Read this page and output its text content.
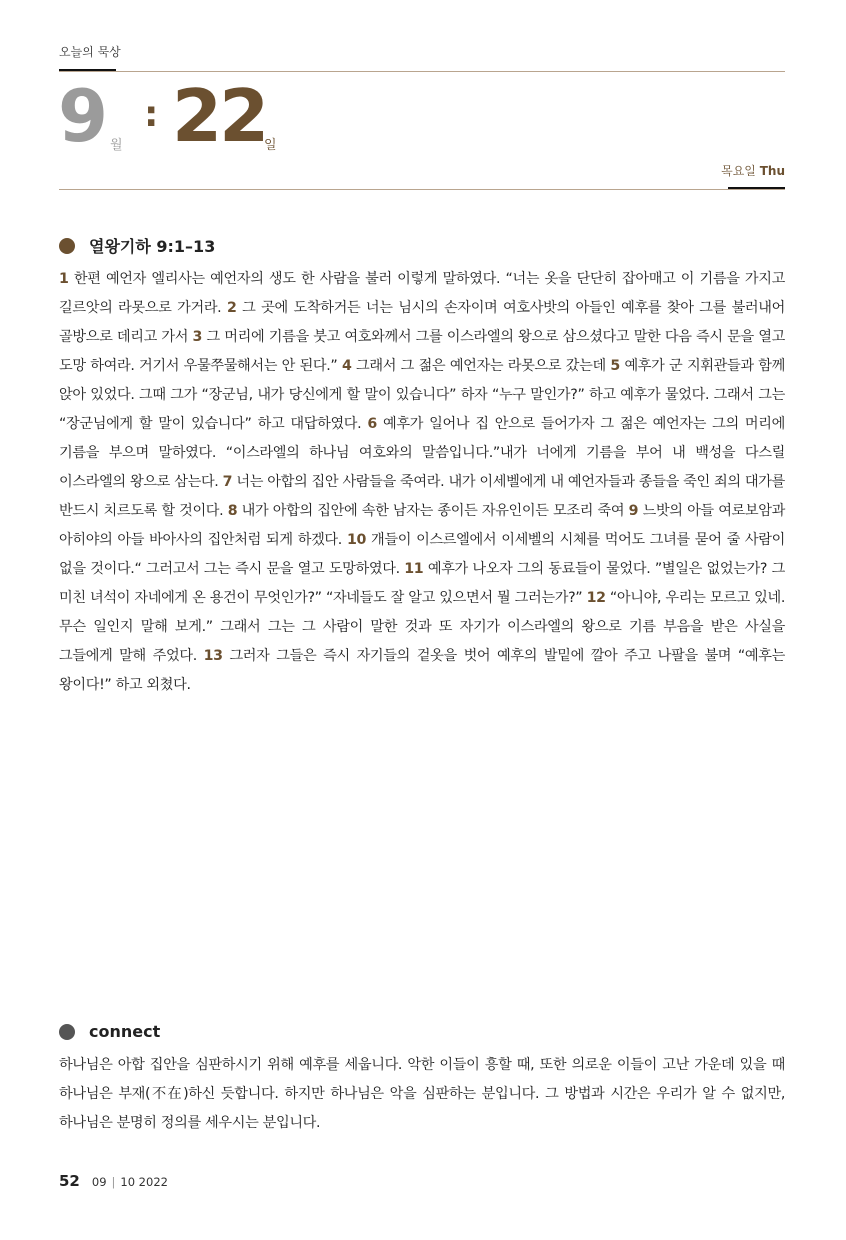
오늘의 묵상
9 월
: 22
일
목요일 Thu
열왕기하 9:1–13

1 한편 예언자 엘리사는 예언자의 생도 한 사람을 불러 이렇게 말하였다. “너는 옷을 단단히 잡아매고 이 기름을 가지고 길르앗의 라못으로 가거라. 2 그 곳에 도착하거든 너는 님시의 손자이며 여호사밧의 아들인 예후를 찾아 그를 불러내어 골방으로 데리고 가서 3 그 머리에 기름을 붓고 여호와께서 그를 이스라엘의 왕으로 삼으셨다고 말한 다음 즉시 문을 열고 도망 하여라. 거기서 우물쭈물해서는 안 된다.” 4 그래서 그 젊은 예언자는 라못으로 갔는데 5 예후가 군 지휘관들과 함께 앉아 있었다. 그때 그가 “장군님, 내가 당신에게 할 말이 있습니다” 하자 “누구 말인가?” 하고 예후가 물었다. 그래서 그는 “장군님에게 할 말이 있습니다” 하고 대답하였다. 6 예후가 일어나 집 안으로 들어가자 그 젊은 예언자는 그의 머리에 기름을 부으며 말하였다. “이스라엘의 하나님 여호와의 말씀입니다.”내가 너에게 기름을 부어 내 백성을 다스릴 이스라엘의 왕으로 삼는다. 7 너는 아합의 집안 사람들을 죽여라. 내가 이세벨에게 내 예언자들과 종들을 죽인 죄의 대가를 반드시 치르도록 할 것이다. 8 내가 아합의 집안에 속한 남자는 종이든 자유인이든 모조리 죽여 9 느밧의 아들 여로보암과 아히야의 아들 바아사의 집안처럼 되게 하겠다. 10 개들이 이스르엘에서 이세벨의 시체를 먹어도 그녀를 묻어 줄 사람이 없을 것이다.“ 그러고서 그는 즉시 문을 열고 도망하였다. 11 예후가 나오자 그의 동료들이 물었다. ”별일은 없었는가? 그 미친 녀석이 자네에게 온 용건이 무엇인가?” “자네들도 잘 알고 있으면서 뭘 그러는가?” 12 “아니야, 우리는 모르고 있네. 무슨 일인지 말해 보게.” 그래서 그는 그 사람이 말한 것과 또 자기가 이스라엘의 왕으로 기름 부음을 받은 사실을 그들에게 말해 주었다. 13 그러자 그들은 즉시 자기들의 겉옷을 벗어 예후의 발밑에 깔아 주고 나팔을 불며 “예후는 왕이다!” 하고 외쳤다.

connect

하나님은 아합 집안을 심판하시기 위해 예후를 세웁니다. 악한 이들이 흥할 때, 또한 의로운 이들이 고난 가운데 있을 때 하나님은 부재(不在)하신 듯합니다. 하지만 하나님은 악을 심판하는 분입니다. 그 방법과 시간은 우리가 알 수 없지만, 하나님은 분명히 정의를 세우시는 분입니다.

52 09 | 10 2022
